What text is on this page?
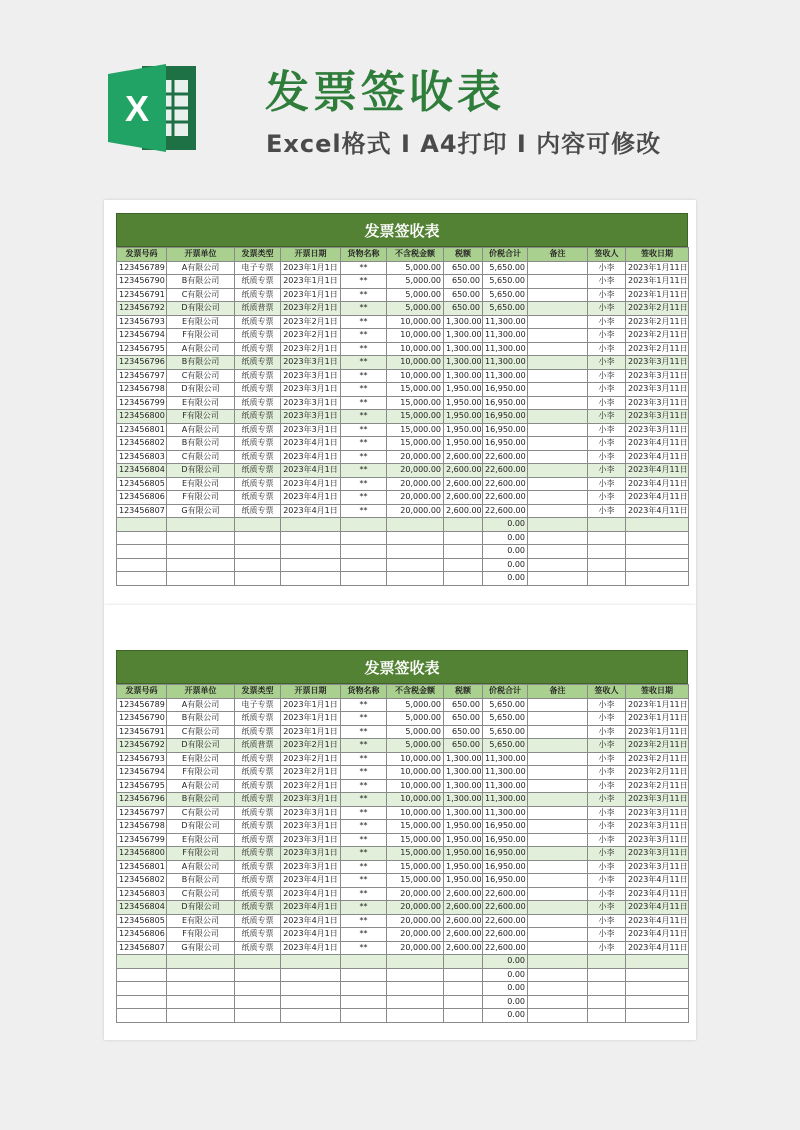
X	发票签收表
Excel格式 I A4打印 I 内容可修改
发票签收表
发票号码	开票单位	发票类型	开票日期	货物名称	不含税金额	税额	价税合计	备注	签收人	签收日期
123456789	A有限公司	电子专票	2023年1月1日	**	5,000.00	650.00	5,650.00		小李	2023年1月11日
123456790	B有限公司	纸质专票	2023年1月1日	**	5,000.00	650.00	5,650.00		小李	2023年1月11日
123456791	C有限公司	纸质专票	2023年1月1日	**	5,000.00	650.00	5,650.00		小李	2023年1月11日
123456792	D有限公司	纸质普票	2023年2月1日	**	5,000.00	650.00	5,650.00		小李	2023年2月11日
123456793	E有限公司	纸质专票	2023年2月1日	**	10,000.00	1,300.00	11,300.00		小李	2023年2月11日
123456794	F有限公司	纸质专票	2023年2月1日	**	10,000.00	1,300.00	11,300.00		小李	2023年2月11日
123456795	A有限公司	纸质专票	2023年2月1日	**	10,000.00	1,300.00	11,300.00		小李	2023年2月11日
123456796	B有限公司	纸质专票	2023年3月1日	**	10,000.00	1,300.00	11,300.00		小李	2023年3月11日
123456797	C有限公司	纸质专票	2023年3月1日	**	10,000.00	1,300.00	11,300.00		小李	2023年3月11日
123456798	D有限公司	纸质专票	2023年3月1日	**	15,000.00	1,950.00	16,950.00		小李	2023年3月11日
123456799	E有限公司	纸质专票	2023年3月1日	**	15,000.00	1,950.00	16,950.00		小李	2023年3月11日
123456800	F有限公司	纸质专票	2023年3月1日	**	15,000.00	1,950.00	16,950.00		小李	2023年3月11日
123456801	A有限公司	纸质专票	2023年3月1日	**	15,000.00	1,950.00	16,950.00		小李	2023年3月11日
123456802	B有限公司	纸质专票	2023年4月1日	**	15,000.00	1,950.00	16,950.00		小李	2023年4月11日
123456803	C有限公司	纸质专票	2023年4月1日	**	20,000.00	2,600.00	22,600.00		小李	2023年4月11日
123456804	D有限公司	纸质专票	2023年4月1日	**	20,000.00	2,600.00	22,600.00		小李	2023年4月11日
123456805	E有限公司	纸质专票	2023年4月1日	**	20,000.00	2,600.00	22,600.00		小李	2023年4月11日
123456806	F有限公司	纸质专票	2023年4月1日	**	20,000.00	2,600.00	22,600.00		小李	2023年4月11日
123456807	G有限公司	纸质专票	2023年4月1日	**	20,000.00	2,600.00	22,600.00		小李	2023年4月11日
							0.00			
							0.00			
							0.00			
							0.00			
							0.00			
发票签收表
发票号码	开票单位	发票类型	开票日期	货物名称	不含税金额	税额	价税合计	备注	签收人	签收日期
123456789	A有限公司	电子专票	2023年1月1日	**	5,000.00	650.00	5,650.00		小李	2023年1月11日
123456790	B有限公司	纸质专票	2023年1月1日	**	5,000.00	650.00	5,650.00		小李	2023年1月11日
123456791	C有限公司	纸质专票	2023年1月1日	**	5,000.00	650.00	5,650.00		小李	2023年1月11日
123456792	D有限公司	纸质普票	2023年2月1日	**	5,000.00	650.00	5,650.00		小李	2023年2月11日
123456793	E有限公司	纸质专票	2023年2月1日	**	10,000.00	1,300.00	11,300.00		小李	2023年2月11日
123456794	F有限公司	纸质专票	2023年2月1日	**	10,000.00	1,300.00	11,300.00		小李	2023年2月11日
123456795	A有限公司	纸质专票	2023年2月1日	**	10,000.00	1,300.00	11,300.00		小李	2023年2月11日
123456796	B有限公司	纸质专票	2023年3月1日	**	10,000.00	1,300.00	11,300.00		小李	2023年3月11日
123456797	C有限公司	纸质专票	2023年3月1日	**	10,000.00	1,300.00	11,300.00		小李	2023年3月11日
123456798	D有限公司	纸质专票	2023年3月1日	**	15,000.00	1,950.00	16,950.00		小李	2023年3月11日
123456799	E有限公司	纸质专票	2023年3月1日	**	15,000.00	1,950.00	16,950.00		小李	2023年3月11日
123456800	F有限公司	纸质专票	2023年3月1日	**	15,000.00	1,950.00	16,950.00		小李	2023年3月11日
123456801	A有限公司	纸质专票	2023年3月1日	**	15,000.00	1,950.00	16,950.00		小李	2023年3月11日
123456802	B有限公司	纸质专票	2023年4月1日	**	15,000.00	1,950.00	16,950.00		小李	2023年4月11日
123456803	C有限公司	纸质专票	2023年4月1日	**	20,000.00	2,600.00	22,600.00		小李	2023年4月11日
123456804	D有限公司	纸质专票	2023年4月1日	**	20,000.00	2,600.00	22,600.00		小李	2023年4月11日
123456805	E有限公司	纸质专票	2023年4月1日	**	20,000.00	2,600.00	22,600.00		小李	2023年4月11日
123456806	F有限公司	纸质专票	2023年4月1日	**	20,000.00	2,600.00	22,600.00		小李	2023年4月11日
123456807	G有限公司	纸质专票	2023年4月1日	**	20,000.00	2,600.00	22,600.00		小李	2023年4月11日
							0.00			
							0.00			
							0.00			
							0.00			
							0.00			
